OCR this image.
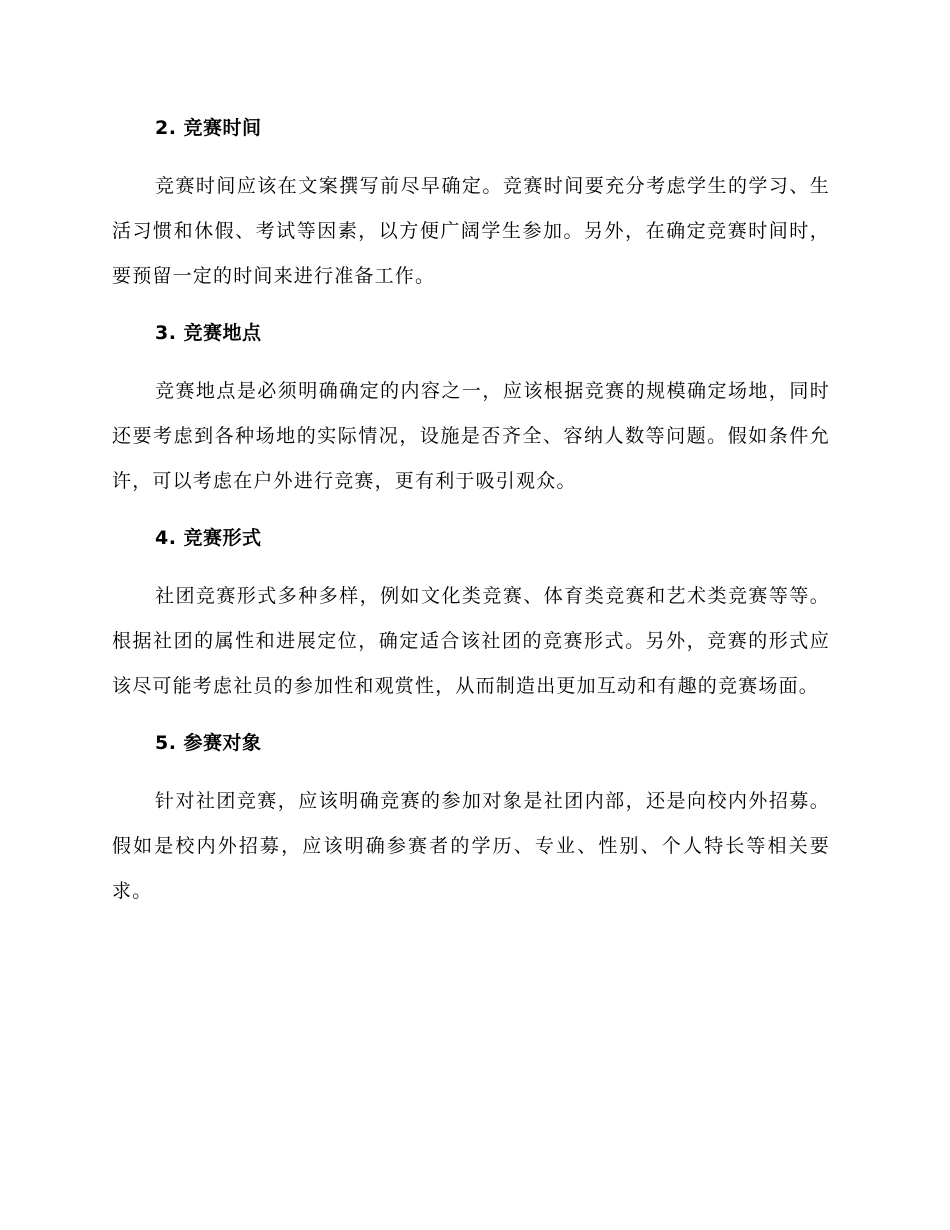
2. 竞赛时间

竞赛时间应该在文案撰写前尽早确定。竞赛时间要充分考虑学生的学习、生活习惯和休假、考试等因素，以方便广阔学生参加。另外，在确定竞赛时间时，要预留一定的时间来进行准备工作。

3. 竞赛地点

竞赛地点是必须明确确定的内容之一，应该根据竞赛的规模确定场地，同时还要考虑到各种场地的实际情况，设施是否齐全、容纳人数等问题。假如条件允许，可以考虑在户外进行竞赛，更有利于吸引观众。

4. 竞赛形式

社团竞赛形式多种多样，例如文化类竞赛、体育类竞赛和艺术类竞赛等等。根据社团的属性和进展定位，确定适合该社团的竞赛形式。另外，竞赛的形式应该尽可能考虑社员的参加性和观赏性，从而制造出更加互动和有趣的竞赛场面。

5. 参赛对象

针对社团竞赛，应该明确竞赛的参加对象是社团内部，还是向校内外招募。假如是校内外招募，应该明确参赛者的学历、专业、性别、个人特长等相关要求。
